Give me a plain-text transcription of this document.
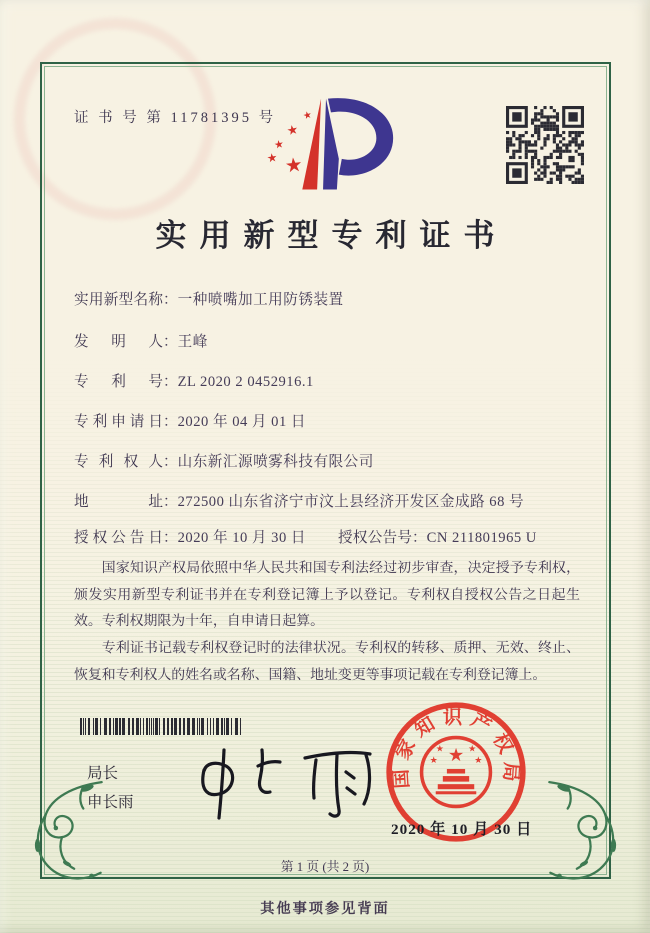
证 书 号 第 11781395 号	★
★
★
★ ★
实用新型专利证书
实用新型名称：一种喷嘴加工用防锈装置
发明人：王峰
专利号：ZL 2020 2 0452916.1
专利申请日：2020 年 04 月 01 日
专利权人：山东新汇源喷雾科技有限公司
地址：272500 山东省济宁市汶上县经济开发区金成路 68 号
授权公告日：2020 年 10 月 30 日 授权公告号：CN 211801965 U

国家知识产权局依照中华人民共和国专利法经过初步审查，决定授予专利权，颁发实用新型专利证书并在专利登记簿上予以登记。专利权自授权公告之日起生效。专利权期限为十年，自申请日起算。

专利证书记载专利权登记时的法律状况。专利权的转移、质押、无效、终止、恢复和专利权人的姓名或名称、国籍、地址变更等事项记载在专利登记簿上。

局长
申长雨
国家知识产权局
★
★	★
★	★
2020 年 10 月 30 日
第 1 页 (共 2 页)
其他事项参见背面
